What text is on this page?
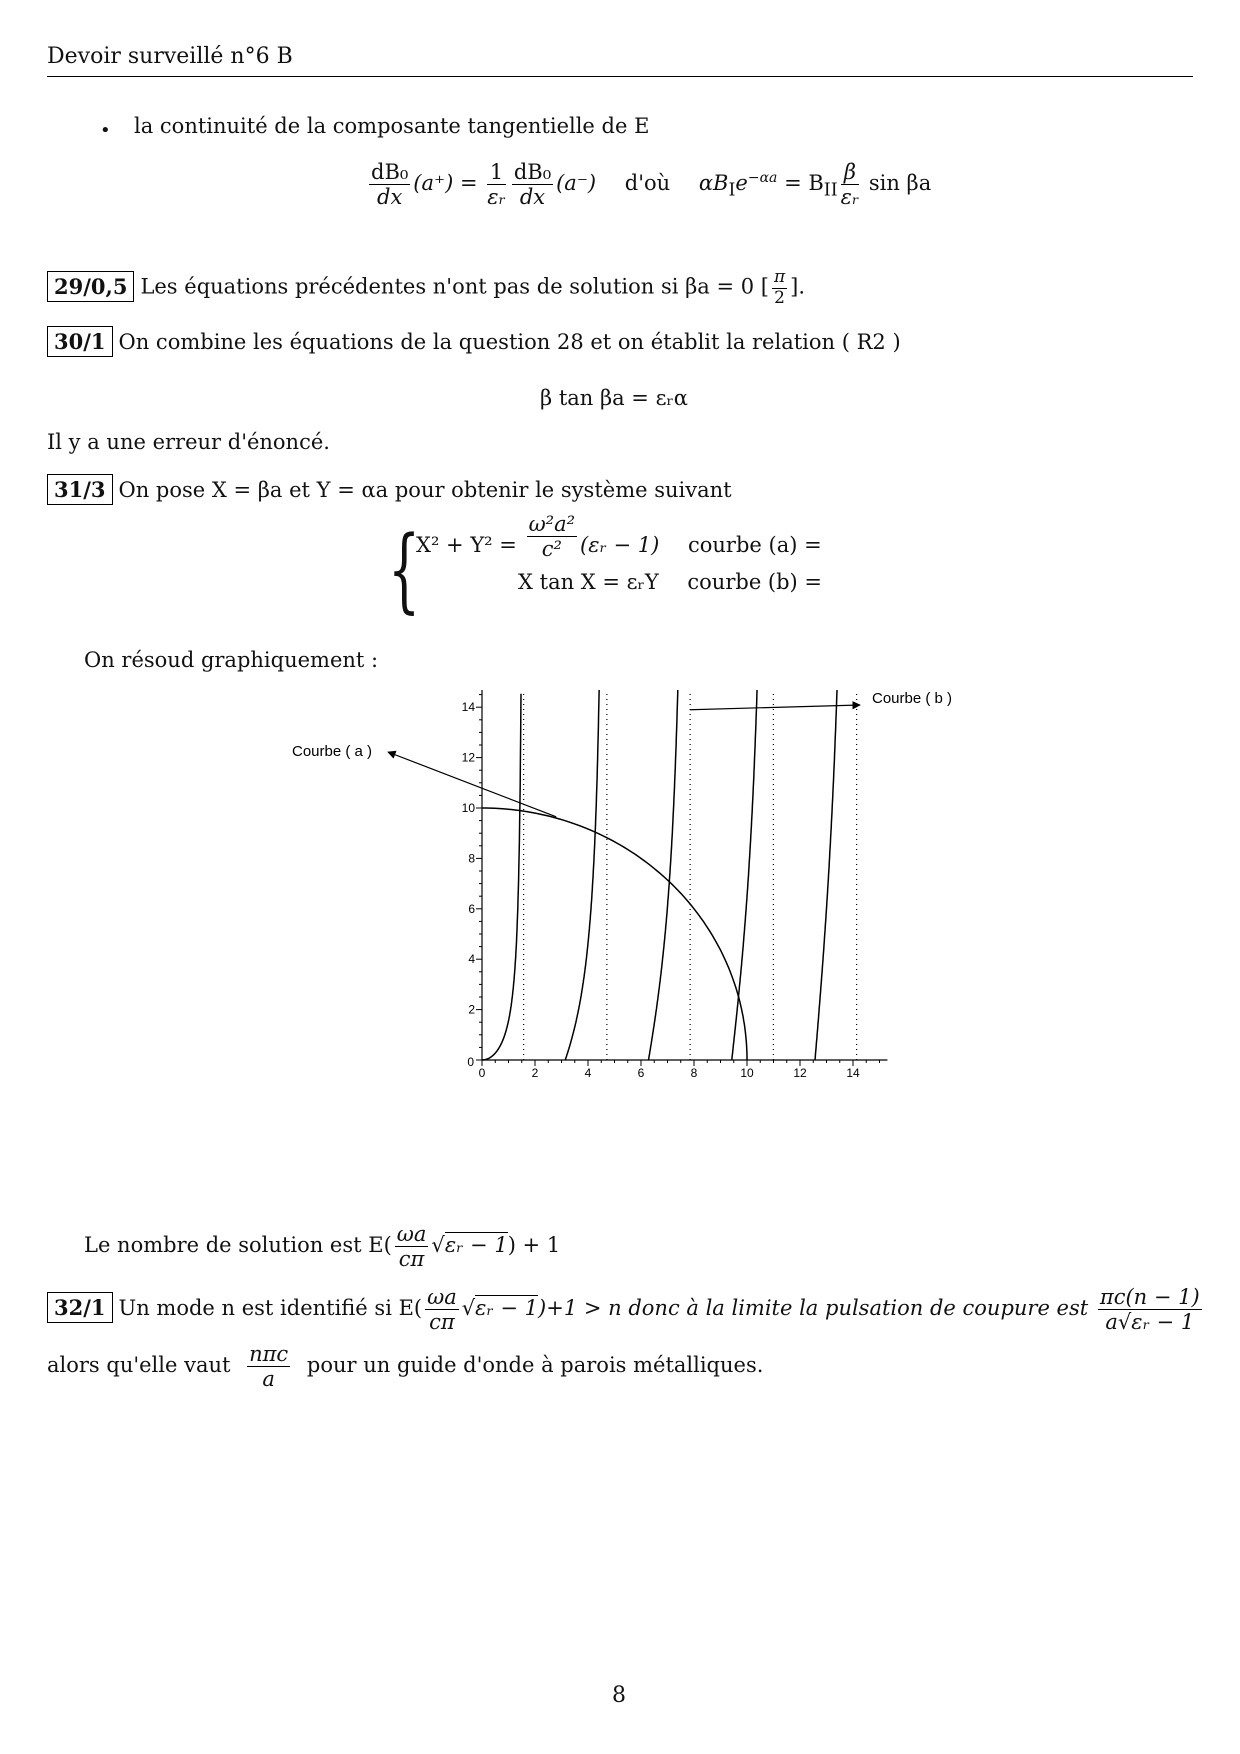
Devoir surveillé n°6 B
• la continuité de la composante tangentielle de E
$\frac{\text{dB₀}}{dx} (a^+) = \frac{1}{\text{εᵣ}} \frac{\text{dB₀}}{dx} (a^-)$ d'où $\alpha B_Ie^{-\alpha a} = B_{II} \frac{\beta}{\text{εᵣ}}$ sin βa
29/0,5 Les équations précédentes n'ont pas de solution si βa = 0 [ $\frac{\pi}{2}$ ].
30/1 On combine les équations de la question 28 et on établit la relation ( R2 )
β tan βa = εᵣα
Il y a une erreur d'énoncé.
31/3 On pose X = βa et Y = αa pour obtenir le système suivant
{
$X^2 + Y^2 = \frac{\text{ω²a²}}{\text{c²}}$ (εᵣ − 1) courbe (a) =
X tan X = εᵣY courbe (b) =
On résoud graphiquement :
0	2	4	6	8	10	12	14
2
4
6
8
10
12
14
0
Courbe ( a )
Courbe ( b )
Le nombre de solution est $E( \frac{\omega a}{c\pi}$ √εᵣ − 1) + 1
32/1 Un mode n est identifié si $E( \frac{\omega a}{c\pi}$ √εᵣ − 1)+1 > n donc à la limite la pulsation de coupure est $\frac{\pi c(n - 1)}{\text{a√εᵣ − 1}}$
alors qu'elle vaut $\frac{\text{nπc}}{a}$ pour un guide d'onde à parois métalliques.
8
